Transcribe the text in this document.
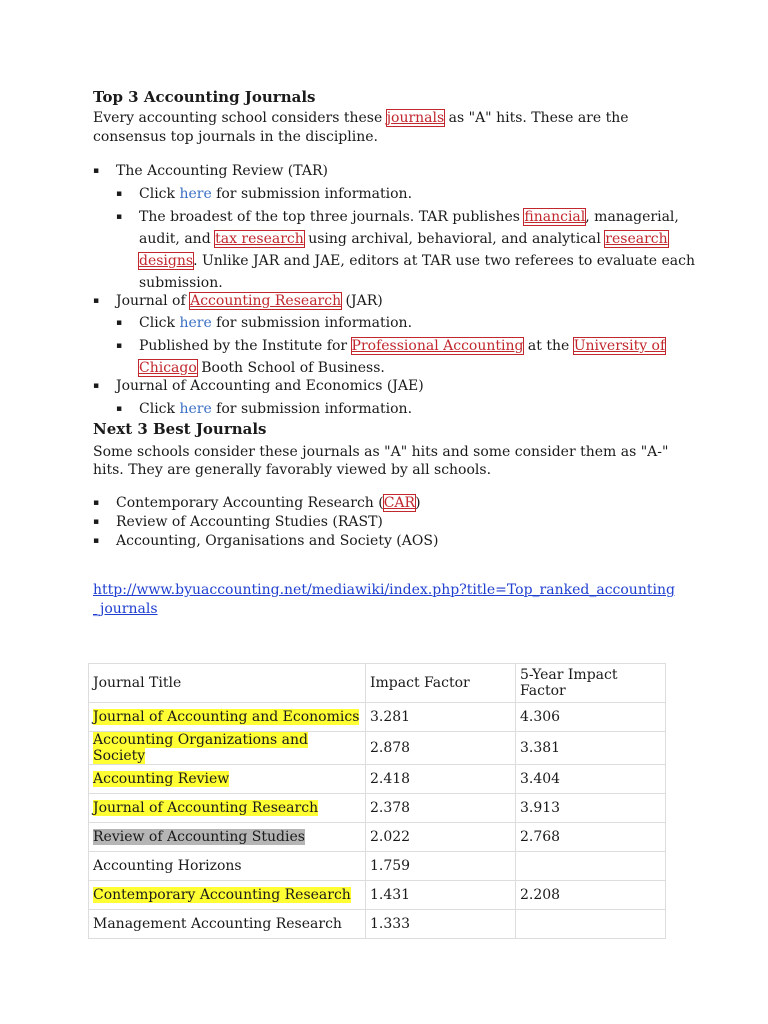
Top 3 Accounting Journals
Every accounting school considers these journals as "A" hits. These are the
consensus top journals in the discipline.
▪ The Accounting Review (TAR)
▪ Click here for submission information.
▪ The broadest of the top three journals. TAR publishes financial, managerial,
audit, and tax research using archival, behavioral, and analytical research
designs. Unlike JAR and JAE, editors at TAR use two referees to evaluate each
submission.
▪ Journal of Accounting Research (JAR)
▪ Click here for submission information.
▪ Published by the Institute for Professional Accounting at the University of
Chicago Booth School of Business.
▪ Journal of Accounting and Economics (JAE)
▪ Click here for submission information.
Next 3 Best Journals
Some schools consider these journals as "A" hits and some consider them as "A-"
hits. They are generally favorably viewed by all schools.
▪ Contemporary Accounting Research (CAR)
▪ Review of Accounting Studies (RAST)
▪ Accounting, Organisations and Society (AOS)
http://www.byuaccounting.net/mediawiki/index.php?title=Top_ranked_accounting
_journals
Journal Title	Impact Factor	5-Year Impact
Factor
Journal of Accounting and Economics	3.281	4.306
Accounting Organizations and Society	2.878	3.381
Accounting Review	2.418	3.404
Journal of Accounting Research	2.378	3.913
Review of Accounting Studies	2.022	2.768
Accounting Horizons	1.759	
Contemporary Accounting Research	1.431	2.208
Management Accounting Research	1.333	
